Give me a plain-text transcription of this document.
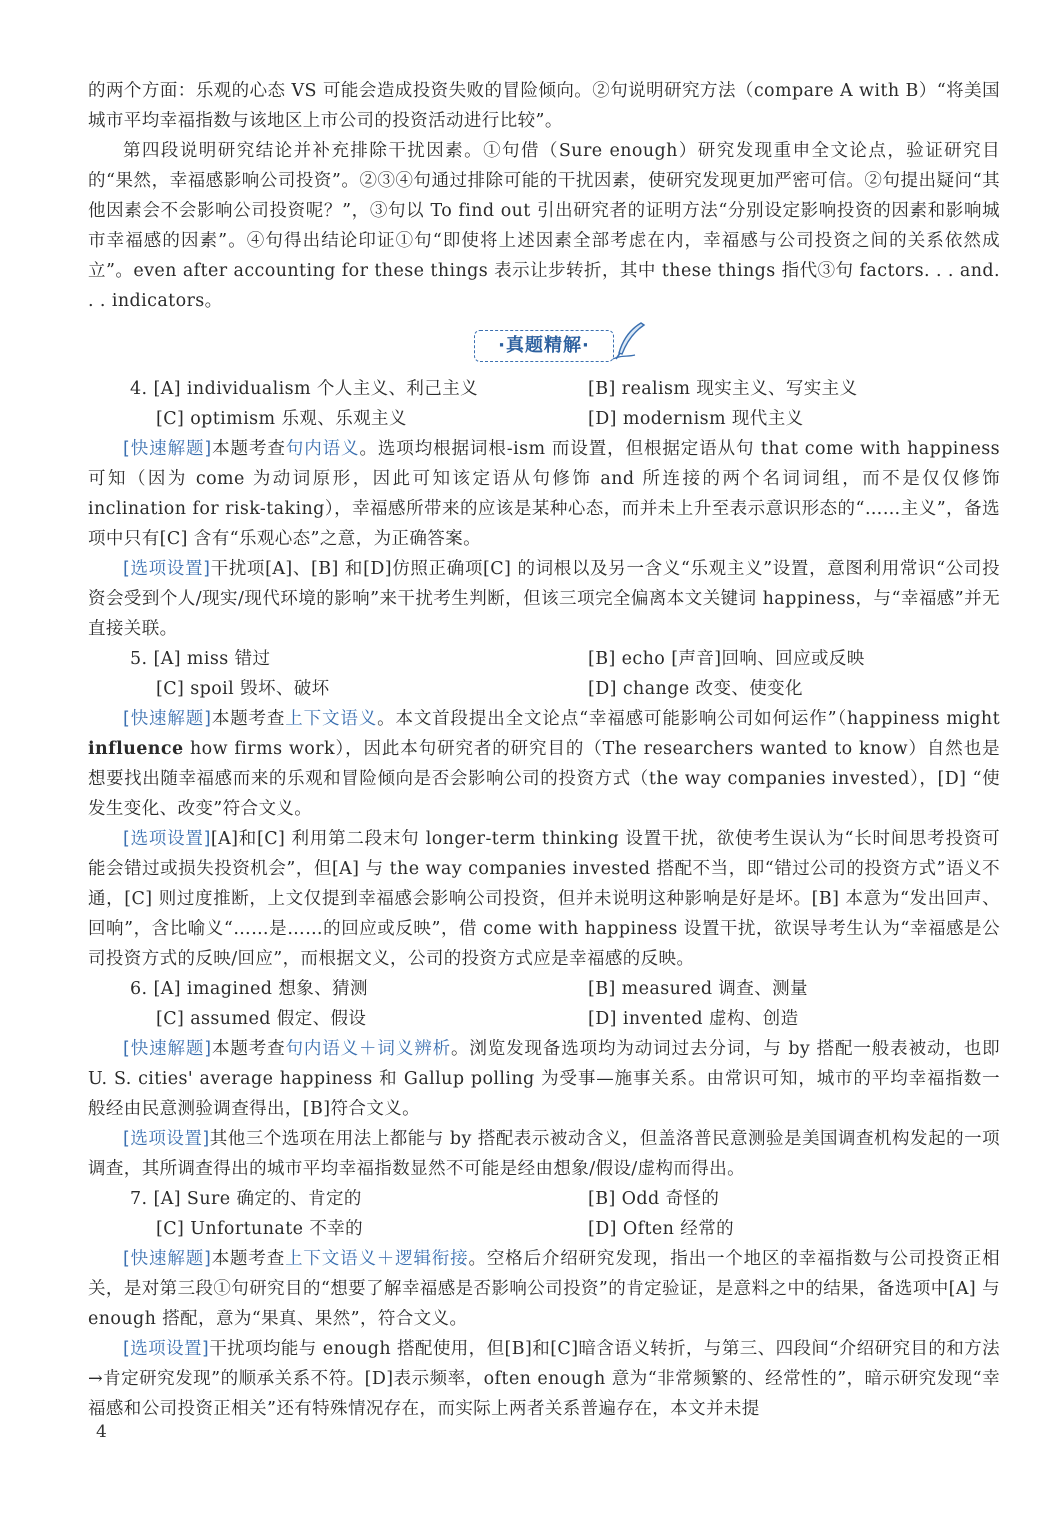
的两个方面：乐观的心态 VS 可能会造成投资失败的冒险倾向。②句说明研究方法（compare A with B）“将美国城市平均幸福指数与该地区上市公司的投资活动进行比较”。

第四段说明研究结论并补充排除干扰因素。①句借（Sure enough）研究发现重申全文论点，验证研究目的“果然，幸福感影响公司投资”。②③④句通过排除可能的干扰因素，使研究发现更加严密可信。②句提出疑问“其他因素会不会影响公司投资呢？”，③句以 To find out 引出研究者的证明方法“分别设定影响投资的因素和影响城市幸福感的因素”。④句得出结论印证①句“即使将上述因素全部考虑在内，幸福感与公司投资之间的关系依然成立”。even after accounting for these things 表示让步转折，其中 these things 指代③句 factors. . . and. . . indicators。

·真题精解·
4. [A] individualism 个人主义、利己主义	[B] realism 现实主义、写实主义
[C] optimism 乐观、乐观主义	[D] modernism 现代主义

[快速解题]本题考查句内语义。选项均根据词根-ism 而设置，但根据定语从句 that come with happiness 可知（因为 come 为动词原形，因此可知该定语从句修饰 and 所连接的两个名词词组，而不是仅仅修饰 inclination for risk-taking），幸福感所带来的应该是某种心态，而并未上升至表示意识形态的“……主义”，备选项中只有[C] 含有“乐观心态”之意，为正确答案。

[选项设置]干扰项[A]、[B] 和[D]仿照正确项[C] 的词根以及另一含义“乐观主义”设置，意图利用常识“公司投资会受到个人/现实/现代环境的影响”来干扰考生判断，但该三项完全偏离本文关键词 happiness，与“幸福感”并无直接关联。

5. [A] miss 错过	[B] echo [声音]回响、回应或反映
[C] spoil 毁坏、破坏	[D] change 改变、使变化

[快速解题]本题考查上下文语义。本文首段提出全文论点“幸福感可能影响公司如何运作”（happiness might influence how firms work），因此本句研究者的研究目的（The researchers wanted to know）自然也是想要找出随幸福感而来的乐观和冒险倾向是否会影响公司的投资方式（the way companies invested），[D] “使发生变化、改变”符合文义。

[选项设置][A]和[C] 利用第二段末句 longer-term thinking 设置干扰，欲使考生误认为“长时间思考投资可能会错过或损失投资机会”，但[A] 与 the way companies invested 搭配不当，即“错过公司的投资方式”语义不通，[C] 则过度推断，上文仅提到幸福感会影响公司投资，但并未说明这种影响是好是坏。[B] 本意为“发出回声、回响”，含比喻义“……是……的回应或反映”，借 come with happiness 设置干扰，欲误导考生认为“幸福感是公司投资方式的反映/回应”，而根据文义，公司的投资方式应是幸福感的反映。

6. [A] imagined 想象、猜测	[B] measured 调查、测量
[C] assumed 假定、假设	[D] invented 虚构、创造

[快速解题]本题考查句内语义＋词义辨析。浏览发现备选项均为动词过去分词，与 by 搭配一般表被动，也即 U. S. cities' average happiness 和 Gallup polling 为受事—施事关系。由常识可知，城市的平均幸福指数一般经由民意测验调查得出，[B]符合文义。

[选项设置]其他三个选项在用法上都能与 by 搭配表示被动含义，但盖洛普民意测验是美国调查机构发起的一项调查，其所调查得出的城市平均幸福指数显然不可能是经由想象/假设/虚构而得出。

7. [A] Sure 确定的、肯定的	[B] Odd 奇怪的
[C] Unfortunate 不幸的	[D] Often 经常的

[快速解题]本题考查上下文语义＋逻辑衔接。空格后介绍研究发现，指出一个地区的幸福指数与公司投资正相关，是对第三段①句研究目的“想要了解幸福感是否影响公司投资”的肯定验证，是意料之中的结果，备选项中[A] 与 enough 搭配，意为“果真、果然”，符合文义。

[选项设置]干扰项均能与 enough 搭配使用，但[B]和[C]暗含语义转折，与第三、四段间“介绍研究目的和方法→肯定研究发现”的顺承关系不符。[D]表示频率，often enough 意为“非常频繁的、经常性的”，暗示研究发现“幸福感和公司投资正相关”还有特殊情况存在，而实际上两者关系普遍存在，本文并未提

4
